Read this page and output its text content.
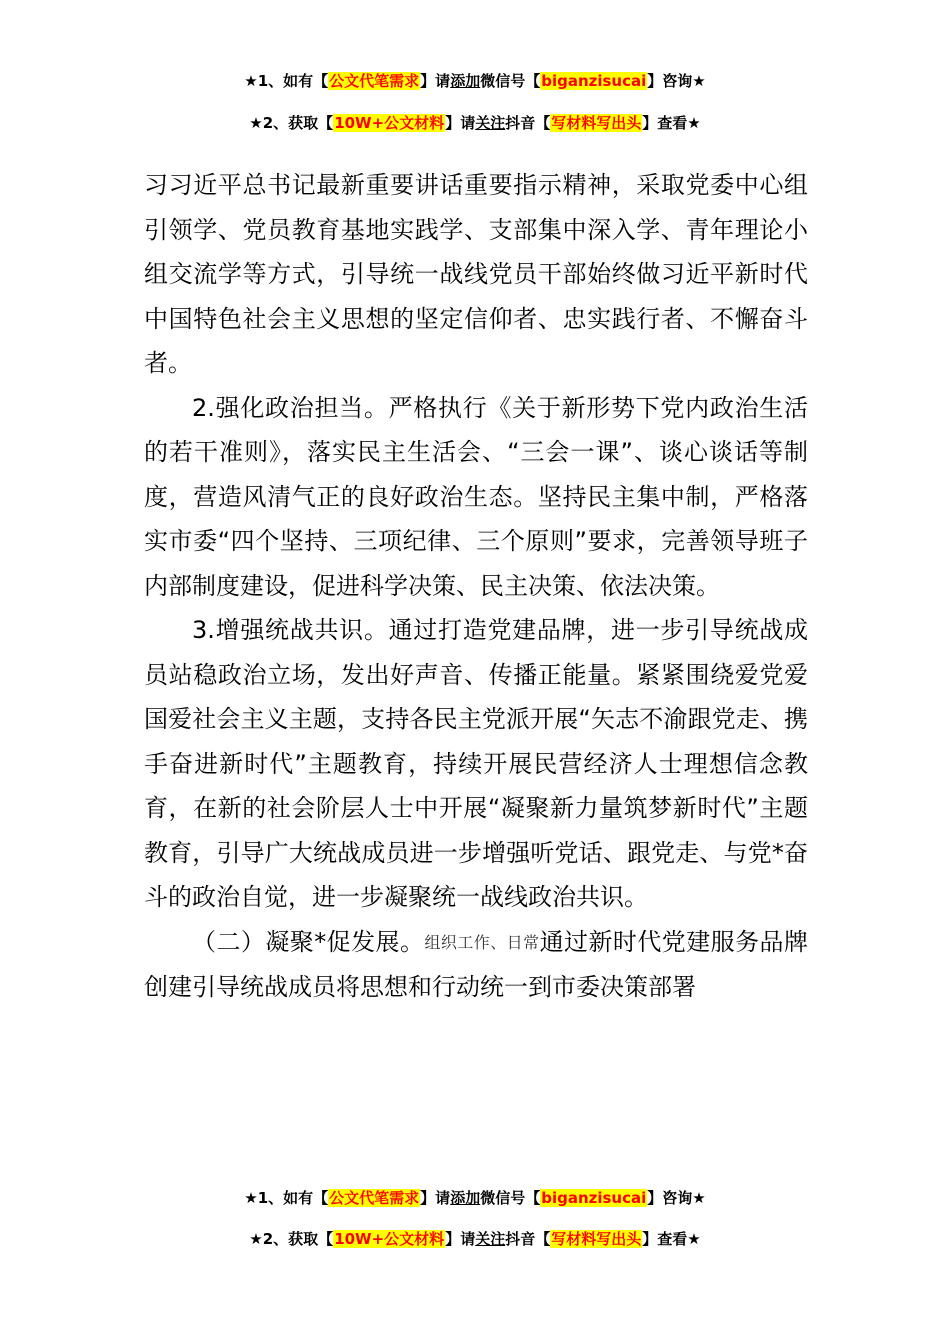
★1、如有【公文代笔需求】请添加微信号【biganzisucai】咨询★
★2、获取【10W+公文材料】请关注抖音【写材料写出头】查看★

习习近平总书记最新重要讲话重要指示精神，采取党委中心组引领学、党员教育基地实践学、支部集中深入学、青年理论小组交流学等方式，引导统一战线党员干部始终做习近平新时代中国特色社会主义思想的坚定信仰者、忠实践行者、不懈奋斗者。

2.强化政治担当。严格执行《关于新形势下党内政治生活的若干准则》，落实民主生活会、“三会一课”、谈心谈话等制度，营造风清气正的良好政治生态。坚持民主集中制，严格落实市委“四个坚持、三项纪律、三个原则”要求，完善领导班子内部制度建设，促进科学决策、民主决策、依法决策。

3.增强统战共识。通过打造党建品牌，进一步引导统战成员站稳政治立场，发出好声音、传播正能量。紧紧围绕爱党爱国爱社会主义主题，支持各民主党派开展“矢志不渝跟党走、携手奋进新时代”主题教育，持续开展民营经济人士理想信念教育，在新的社会阶层人士中开展“凝聚新力量筑梦新时代”主题教育，引导广大统战成员进一步增强听党话、跟党走、与党*奋斗的政治自觉，进一步凝聚统一战线政治共识。

（二）凝聚*促发展。组织工作、日常通过新时代党建服务品牌创建引导统战成员将思想和行动统一到市委决策部署

★1、如有【公文代笔需求】请添加微信号【biganzisucai】咨询★
★2、获取【10W+公文材料】请关注抖音【写材料写出头】查看★
